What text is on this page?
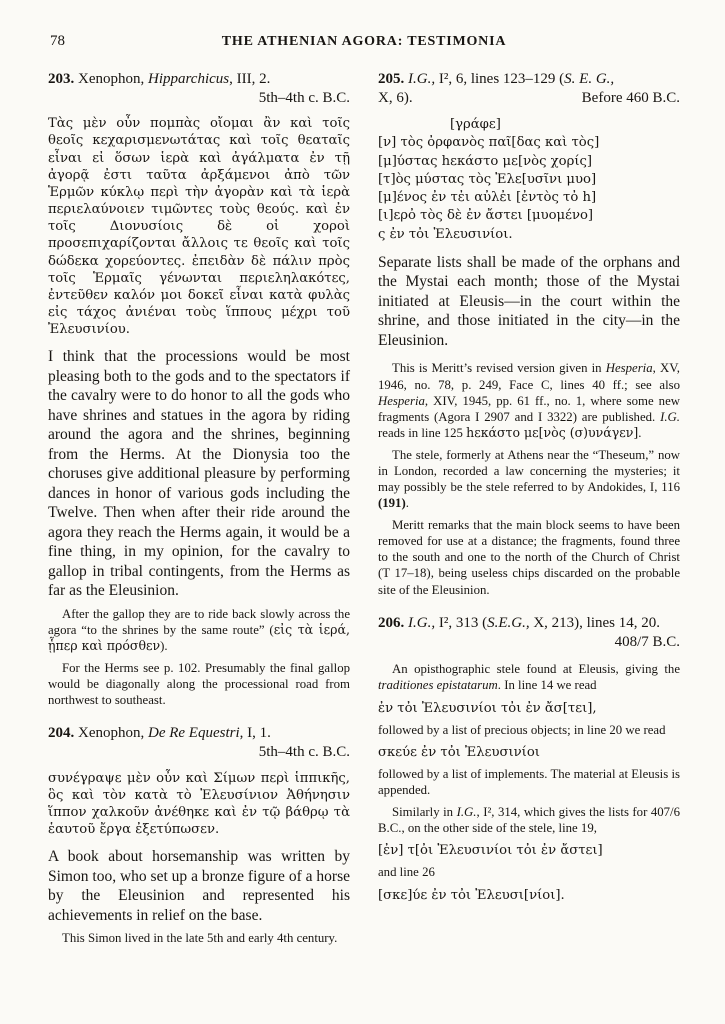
78	THE ATHENIAN AGORA: TESTIMONIA

203. Xenophon, Hipparchicus, III, 2.

5th–4th c. B.C.

Τὰς μὲν οὖν πομπὰς οἴομαι ἂν καὶ τοῖς θεοῖς κεχαρισμενωτάτας καὶ τοῖς θεαταῖς εἶναι εἰ ὅσων ἱερὰ καὶ ἀγάλματα ἐν τῇ ἀγορᾷ ἐστι ταῦτα ἀρξάμενοι ἀπὸ τῶν Ἑρμῶν κύκλῳ περὶ τὴν ἀγορὰν καὶ τὰ ἱερὰ περιελαύνοιεν τιμῶντες τοὺς θεούς. καὶ ἐν τοῖς Διονυσίοις δὲ οἱ χοροὶ προσεπιχαρίζονται ἄλλοις τε θεοῖς καὶ τοῖς δώδεκα χορεύοντες. ἐπειδὰν δὲ πάλιν πρὸς τοῖς Ἑρμαῖς γένωνται περιεληλακότες, ἐντεῦθεν καλόν μοι δοκεῖ εἶναι κατὰ φυλὰς εἰς τάχος ἀνιέναι τοὺς ἵππους μέχρι τοῦ Ἐλευσινίου.

I think that the processions would be most pleasing both to the gods and to the spectators if the cavalry were to do honor to all the gods who have shrines and statues in the agora by riding around the agora and the shrines, beginning from the Herms. At the Dionysia too the choruses give additional pleasure by performing dances in honor of various gods including the Twelve. Then when after their ride around the agora they reach the Herms again, it would be a fine thing, in my opinion, for the cavalry to gallop in tribal contingents, from the Herms as far as the Eleusinion.

After the gallop they are to ride back slowly across the agora “to the shrines by the same route” (εἰς τὰ ἱερά, ᾗπερ καὶ πρόσθεν).

For the Herms see p. 102. Presumably the final gallop would be diagonally along the processional road from northwest to southeast.

204. Xenophon, De Re Equestri, I, 1.

5th–4th c. B.C.

συνέγραψε μὲν οὖν καὶ Σίμων περὶ ἱππικῆς, ὃς καὶ τὸν κατὰ τὸ Ἐλευσίνιον Ἀθήνησιν ἵππον χαλκοῦν ἀνέθηκε καὶ ἐν τῷ βάθρῳ τὰ ἑαυτοῦ ἔργα ἐξετύπωσεν.

A book about horsemanship was written by Simon too, who set up a bronze figure of a horse by the Eleusinion and represented his achievements in relief on the base.

This Simon lived in the late 5th and early 4th century.

205. I.G., I², 6, lines 123–129 (S. E. G.,

X, 6).	Before 460 B.C.

[γράφε]
[ν] τὸς ὀρφανὸς παῖ[δας καὶ τὸς]
[μ]ύστας hεκάστο με[νὸς χορίς]
[τ]ὸς μύστας τὸς Ἐλε[υσῖνι μυο]
[μ]ένος ἐν τἐι αὐλἐι [ἐντὸς τὀ h]
[ι]ερὀ τὸς δὲ ἐν ἄστει [μυομένο]
ς ἐν τὀι Ἐλευσινίοι.

Separate lists shall be made of the orphans and the Mystai each month; those of the Mystai initiated at Eleusis—in the court within the shrine, and those initiated in the city—in the Eleusinion.

This is Meritt’s revised version given in Hesperia, XV, 1946, no. 78, p. 249, Face C, lines 40 ff.; see also Hesperia, XIV, 1945, pp. 61 ff., no. 1, where some new fragments (Agora I 2907 and I 3322) are published. I.G. reads in line 125 hεκάστο με[νὸς (σ)υνάγεν].

The stele, formerly at Athens near the “Theseum,” now in London, recorded a law concerning the mysteries; it may possibly be the stele referred to by Andokides, I, 116 (191).

Meritt remarks that the main block seems to have been removed for use at a distance; the fragments, found three to the south and one to the north of the Church of Christ (T 17–18), being useless chips discarded on the probable site of the Eleusinion.

206. I.G., I², 313 (S.E.G., X, 213), lines 14, 20.

408/7 B.C.

An opisthographic stele found at Eleusis, giving the traditiones epistatarum. In line 14 we read

ἐν τὀι Ἐλευσινίοι τὀι ἐν ἄσ[τει],

followed by a list of precious objects; in line 20 we read

σκεύε ἐν τὀι Ἐλευσινίοι

followed by a list of implements. The material at Eleusis is appended.

Similarly in I.G., I², 314, which gives the lists for 407/6 B.C., on the other side of the stele, line 19,

[ἐν] τ[ὀι Ἐλευσινίοι τὀι ἐν ἄστει]

and line 26

[σκε]ύε ἐν τὀι Ἐλευσι[νίοι].
